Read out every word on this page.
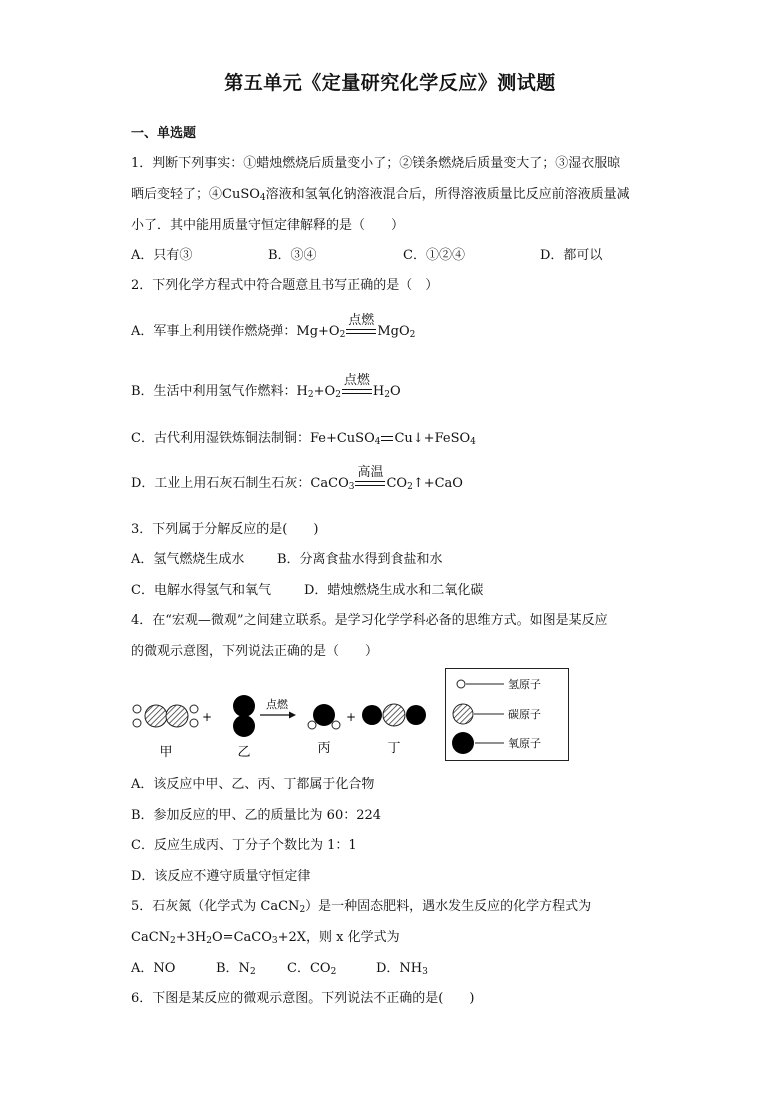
第五单元《定量研究化学反应》测试题
一、单选题
1．判断下列事实：①蜡烛燃烧后质量变小了；②镁条燃烧后质量变大了；③湿衣服晾
晒后变轻了；④CuSO$_4$溶液和氢氧化钠溶液混合后，所得溶液质量比反应前溶液质量减
小了．其中能用质量守恒定律解释的是（　　）
A．只有③	B．③④	C．①②④	D．都可以
2．下列化学方程式中符合题意且书写正确的是（　）
A．军事上利用镁作燃烧弹：$Mg+O_2$
点燃
MgO$_2$
B．生活中利用氢气作燃料：$H_2+O_2$
点燃
$H_2O$
C．古代利用湿铁炼铜法制铜：Fe+CuSO$_4$ Cu↓+FeSO$_4$
D．工业上用石灰石制生石灰：CaCO$_3$
高温
$CO_2↑+CaO$
3．下列属于分解反应的是(　　)
A．氢气燃烧生成水	B．分离食盐水得到食盐和水
C．电解水得氢气和氧气	D．蜡烛燃烧生成水和二氧化碳
4．在“宏观—微观”之间建立联系。是学习化学学科必备的思维方式。如图是某反应
的微观示意图，下列说法正确的是（　　）
甲
+
乙
点燃
丙
+
丁
氢原子
碳原子
氧原子
A．该反应中甲、乙、丙、丁都属于化合物
B．参加反应的甲、乙的质量比为 60：224
C．反应生成丙、丁分子个数比为 1：1
D．该反应不遵守质量守恒定律
5．石灰氮（化学式为 CaCN$_2$）是一种固态肥料，遇水发生反应的化学方程式为
$CaCN_2+3H_2O=CaCO_3+2X$，则 x 化学式为
A．NO	B．$N_2$ C．$CO_2$	D．$NH_3$
6．下图是某反应的微观示意图。下列说法不正确的是(　　)
